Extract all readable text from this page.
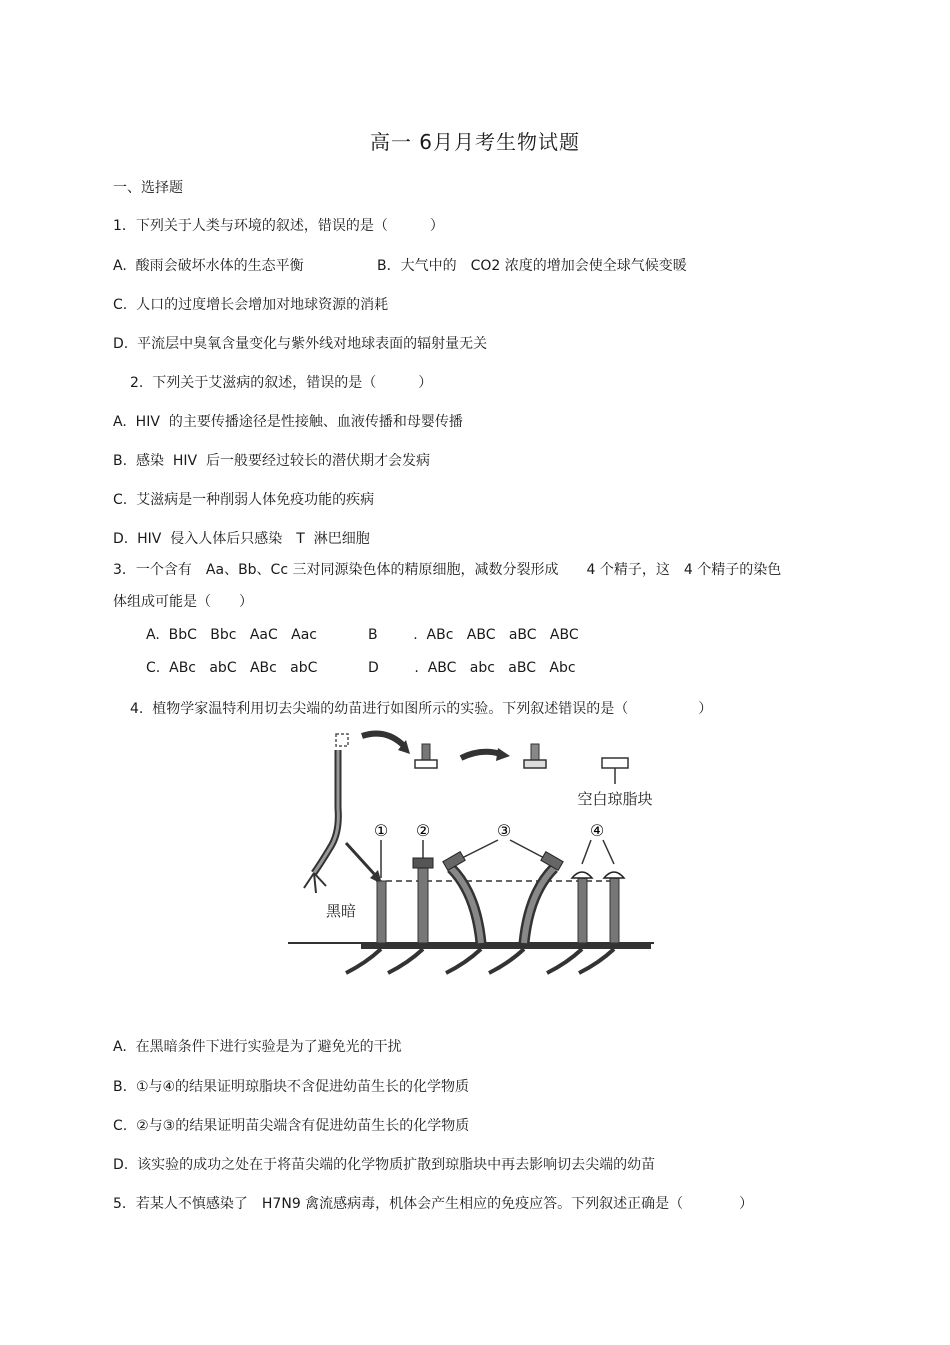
高一 6月月考生物试题
一、选择题
1．下列关于人类与环境的叙述，错误的是（　　　）
A.  酸雨会破坏水体的生态平衡	B．大气中的　CO2 浓度的增加会使全球气候变暖
C.  人口的过度增长会增加对地球资源的消耗
D.  平流层中臭氧含量变化与紫外线对地球表面的辐射量无关
2.  下列关于艾滋病的叙述，错误的是（　　　）
A.  HIV  的主要传播途径是性接触、血液传播和母婴传播
B.  感染  HIV  后一般要经过较长的潜伏期才会发病
C.  艾滋病是一种削弱人体免疫功能的疾病
D.  HIV  侵入人体后只感染　T  淋巴细胞
3．一个含有　Aa、Bb、Cc 三对同源染色体的精原细胞，减数分裂形成　　4 个精子，这　4 个精子的染色
体组成可能是（　　）
A.  BbC   Bbc   AaC   Aac	B        .  ABc   ABC   aBC   ABC
C.  ABc   abC   ABc   abC	D        .  ABC   abc   aBC   Abc
4.  植物学家温特利用切去尖端的幼苗进行如图所示的实验。下列叙述错误的是（　　　　　）
空白琼脂块
① ②	③	④
黑暗
A.  在黑暗条件下进行实验是为了避免光的干扰
B.  ①与④的结果证明琼脂块不含促进幼苗生长的化学物质
C.  ②与③的结果证明苗尖端含有促进幼苗生长的化学物质
D.  该实验的成功之处在于将苗尖端的化学物质扩散到琼脂块中再去影响切去尖端的幼苗
5．若某人不慎感染了　H7N9 禽流感病毒，机体会产生相应的免疫应答。下列叙述正确是（　　　　）
